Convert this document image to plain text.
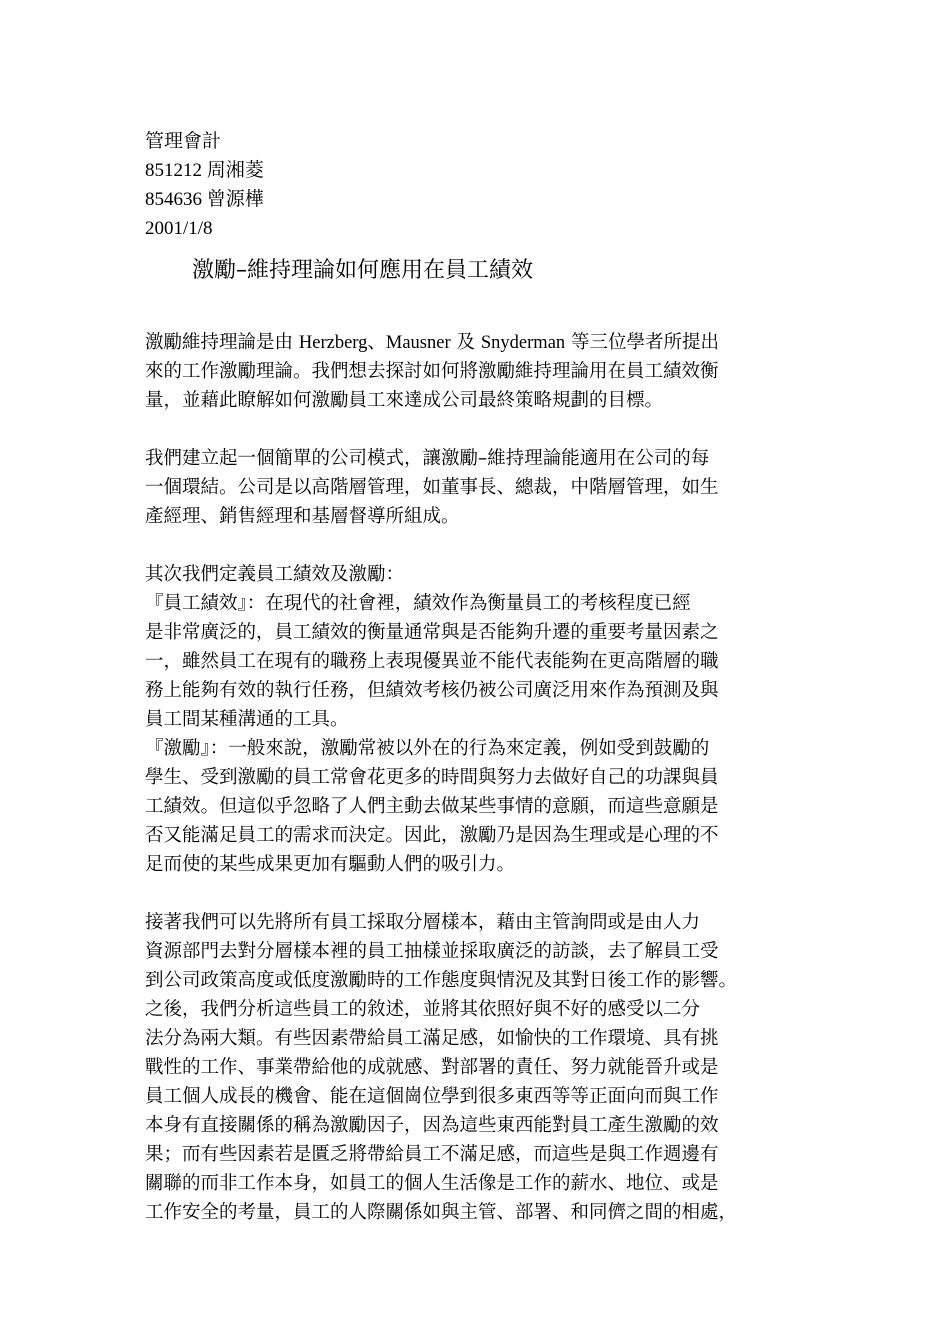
管理會計
851212 周湘菱
854636 曾源樺
2001/1/8
激勵–維持理論如何應用在員工績效
激勵維持理論是由 Herzberg、Mausner 及 Snyderman 等三位學者所提出
來的工作激勵理論。我們想去探討如何將激勵維持理論用在員工績效衡
量，並藉此瞭解如何激勵員工來達成公司最終策略規劃的目標。
我們建立起一個簡單的公司模式，讓激勵–維持理論能適用在公司的每
一個環結。公司是以高階層管理，如董事長、總裁，中階層管理，如生
產經理、銷售經理和基層督導所組成。
其次我們定義員工績效及激勵：
『員工績效』：在現代的社會裡，績效作為衡量員工的考核程度已經
是非常廣泛的，員工績效的衡量通常與是否能夠升遷的重要考量因素之
一，雖然員工在現有的職務上表現優異並不能代表能夠在更高階層的職
務上能夠有效的執行任務，但績效考核仍被公司廣泛用來作為預測及與
員工間某種溝通的工具。
『激勵』：一般來說，激勵常被以外在的行為來定義，例如受到鼓勵的
學生、受到激勵的員工常會花更多的時間與努力去做好自己的功課與員
工績效。但這似乎忽略了人們主動去做某些事情的意願，而這些意願是
否又能滿足員工的需求而決定。因此，激勵乃是因為生理或是心理的不
足而使的某些成果更加有驅動人們的吸引力。
接著我們可以先將所有員工採取分層樣本，藉由主管詢問或是由人力
資源部門去對分層樣本裡的員工抽樣並採取廣泛的訪談，去了解員工受
到公司政策高度或低度激勵時的工作態度與情況及其對日後工作的影響。
之後，我們分析這些員工的敘述，並將其依照好與不好的感受以二分
法分為兩大類。有些因素帶給員工滿足感，如愉快的工作環境、具有挑
戰性的工作、事業帶給他的成就感、對部署的責任、努力就能晉升或是
員工個人成長的機會、能在這個崗位學到很多東西等等正面向而與工作
本身有直接關係的稱為激勵因子，因為這些東西能對員工產生激勵的效
果；而有些因素若是匱乏將帶給員工不滿足感，而這些是與工作週邊有
關聯的而非工作本身，如員工的個人生活像是工作的薪水、地位、或是
工作安全的考量，員工的人際關係如與主管、部署、和同儕之間的相處，
